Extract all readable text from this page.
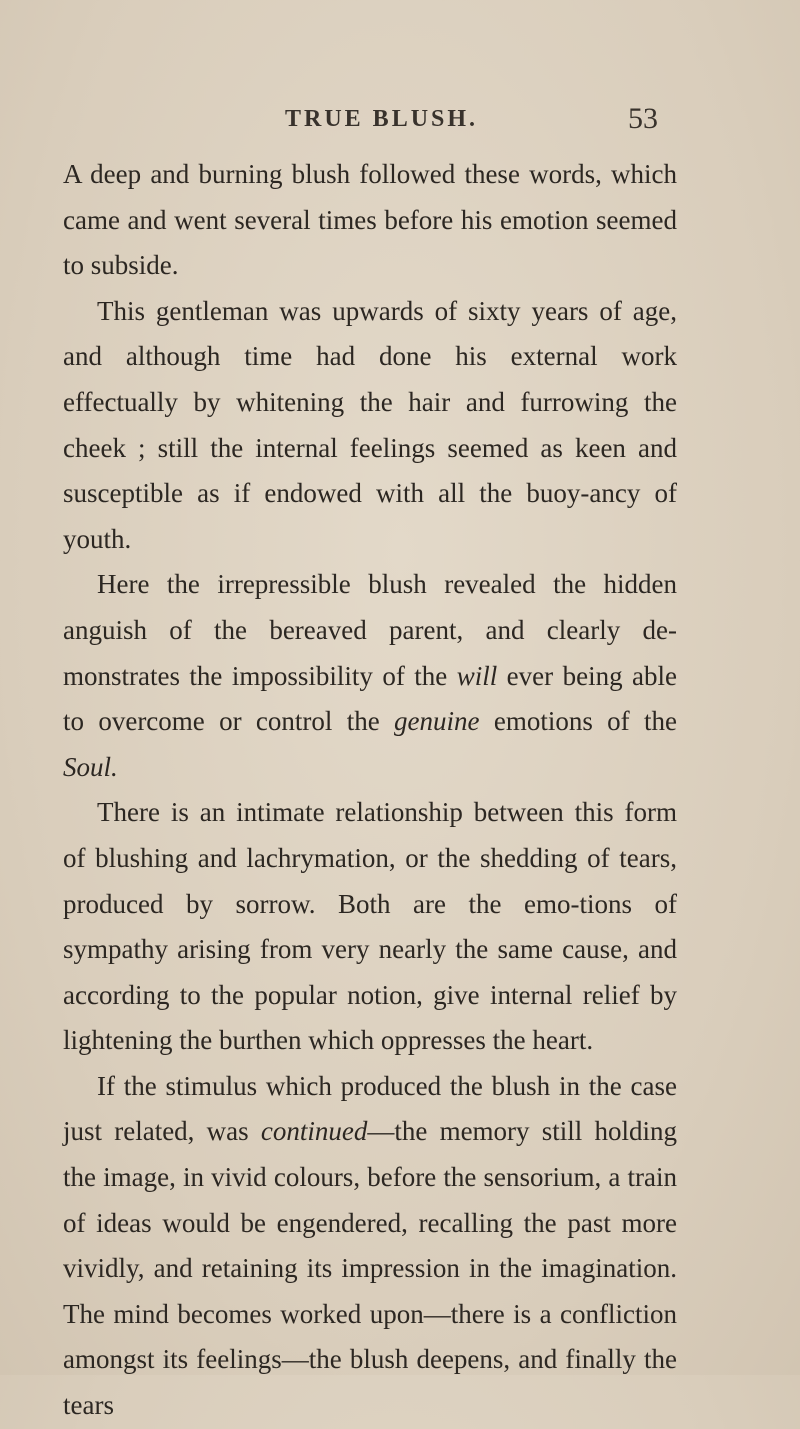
TRUE BLUSH.	53

A deep and burning blush followed these words, which came and went several times before his emotion seemed to subside.

This gentleman was upwards of sixty years of age, and although time had done his external work effectually by whitening the hair and furrowing the cheek ; still the internal feelings seemed as keen and susceptible as if endowed with all the buoy-ancy of youth.

Here the irrepressible blush revealed the hidden anguish of the bereaved parent, and clearly de-monstrates the impossibility of the will ever being able to overcome or control the genuine emotions of the Soul.

There is an intimate relationship between this form of blushing and lachrymation, or the shedding of tears, produced by sorrow. Both are the emo-tions of sympathy arising from very nearly the same cause, and according to the popular notion, give internal relief by lightening the burthen which oppresses the heart.

If the stimulus which produced the blush in the case just related, was continued—the memory still holding the image, in vivid colours, before the sensorium, a train of ideas would be engendered, recalling the past more vividly, and retaining its impression in the imagination. The mind becomes worked upon—there is a confliction amongst its feelings—the blush deepens, and finally the tears
